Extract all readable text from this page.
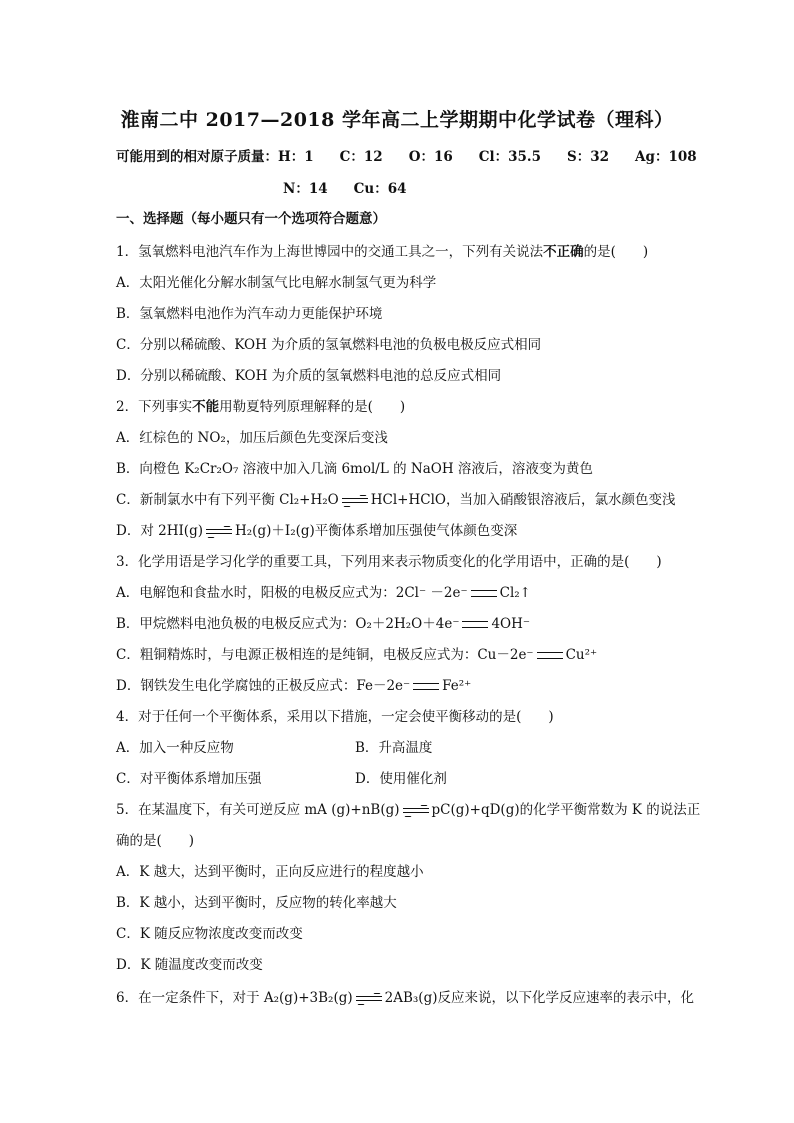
淮南二中 2017—2018 学年高二上学期期中化学试卷（理科）
可能用到的相对原子质量：H：1 C：12 O：16 Cl：35.5 S：32 Ag：108
N：14 Cu：64
一、选择题（每小题只有一个选项符合题意）
1．氢氧燃料电池汽车作为上海世博园中的交通工具之一，下列有关说法不正确的是(　　)
A．太阳光催化分解水制氢气比电解水制氢气更为科学
B．氢氧燃料电池作为汽车动力更能保护环境
C．分别以稀硫酸、KOH 为介质的氢氧燃料电池的负极电极反应式相同
D．分别以稀硫酸、KOH 为介质的氢氧燃料电池的总反应式相同
2．下列事实不能用勒夏特列原理解释的是(　　)
A．红棕色的 NO₂，加压后颜色先变深后变浅
B．向橙色 K₂Cr₂O₇ 溶液中加入几滴 6mol/L 的 NaOH 溶液后，溶液变为黄色
C．新制氯水中有下列平衡 Cl₂+H₂O → HCl+HClO，当加入硝酸银溶液后，氯水颜色变浅
D．对 2HI(g) → H₂(g)＋I₂(g)平衡体系增加压强使气体颜色变深
3．化学用语是学习化学的重要工具，下列用来表示物质变化的化学用语中，正确的是(　　)
A．电解饱和食盐水时，阳极的电极反应式为：2Cl⁻ －2e⁻ Cl₂↑
B．甲烷燃料电池负极的电极反应式为：O₂＋2H₂O＋4e⁻ 4OH⁻
C．粗铜精炼时，与电源正极相连的是纯铜，电极反应式为：Cu－2e⁻ Cu²⁺
D．钢铁发生电化学腐蚀的正极反应式：Fe－2e⁻ Fe²⁺
4．对于任何一个平衡体系，采用以下措施，一定会使平衡移动的是(　　)
A．加入一种反应物	B．升高温度
C．对平衡体系增加压强	D．使用催化剂
5．在某温度下，有关可逆反应 mA (g)+nB(g) → pC(g)+qD(g)的化学平衡常数为 K 的说法正
确的是(　　)
A．K 越大，达到平衡时，正向反应进行的程度越小
B．K 越小，达到平衡时，反应物的转化率越大
C．K 随反应物浓度改变而改变
D．K 随温度改变而改变
6．在一定条件下，对于 A₂(g)+3B₂(g) → 2AB₃(g)反应来说，以下化学反应速率的表示中，化
